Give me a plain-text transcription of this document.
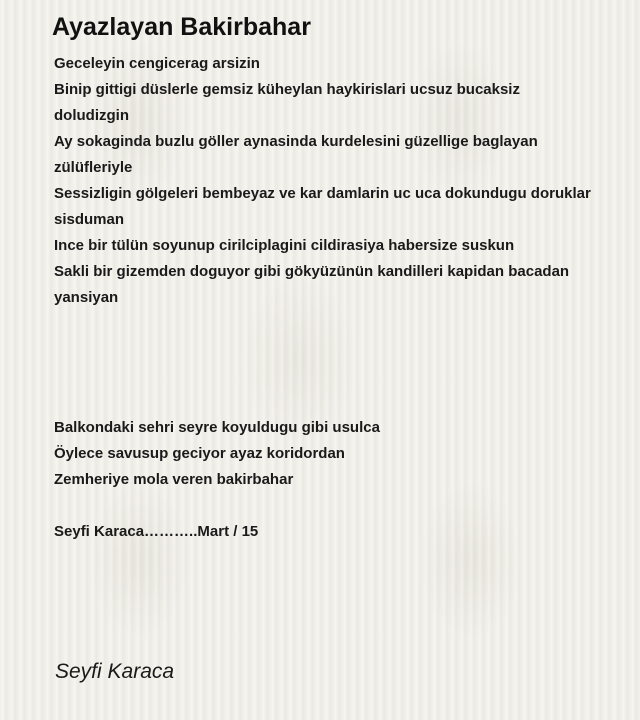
Ayazlayan Bakirbahar
Geceleyin cengicerag arsizin
Binip gittigi düslerle gemsiz küheylan haykirislari ucsuz bucaksiz doludizgin
Ay sokaginda buzlu göller aynasinda kurdelesini güzellige baglayan zülüfleriyle
Sessizligin gölgeleri bembeyaz ve kar damlarin uc uca dokundugu doruklar sisduman
Ince bir tülün soyunup cirilciplagini cildirasiya habersize suskun
Sakli bir gizemden doguyor gibi gökyüzünün kandilleri kapidan bacadan yansiyan
Balkondaki sehri seyre koyuldugu gibi usulca
Öylece savusup geciyor ayaz koridordan
Zemheriye mola veren bakirbahar
Seyfi Karaca………..Mart / 15
Seyfi Karaca
